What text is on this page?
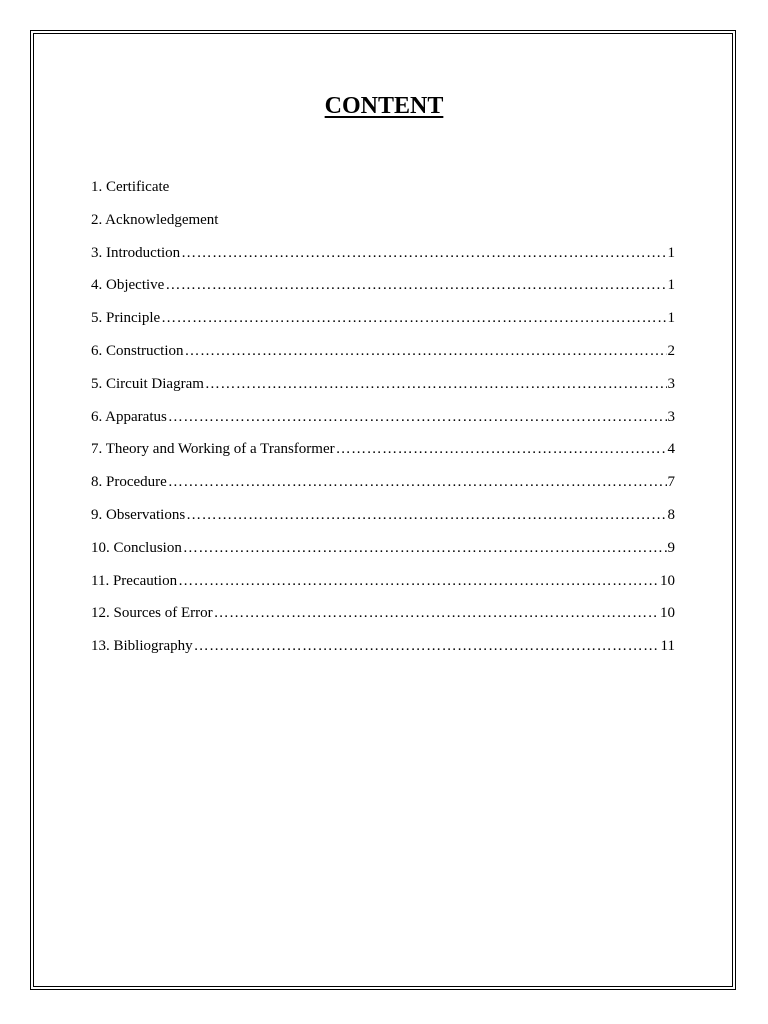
CONTENT
1. Certificate
2. Acknowledgement
3. Introduction ………………………………………………………………………………………………………………………………………………………………	1
4. Objective ………………………………………………………………………………………………………………………………………………………………	1
5. Principle ………………………………………………………………………………………………………………………………………………………………	1
6. Construction ………………………………………………………………………………………………………………………………………………………………	2
5. Circuit Diagram ………………………………………………………………………………………………………………………………………………………………	3
6. Apparatus ………………………………………………………………………………………………………………………………………………………………	3
7. Theory and Working of a Transformer ………………………………………………………………………………………………………………………………………………………………	4
8. Procedure ………………………………………………………………………………………………………………………………………………………………	7
9. Observations ………………………………………………………………………………………………………………………………………………………………	8
10. Conclusion ………………………………………………………………………………………………………………………………………………………………	9
11. Precaution ………………………………………………………………………………………………………………………………………………………………	10
12. Sources of Error ………………………………………………………………………………………………………………………………………………………………	10
13. Bibliography ………………………………………………………………………………………………………………………………………………………………	11
